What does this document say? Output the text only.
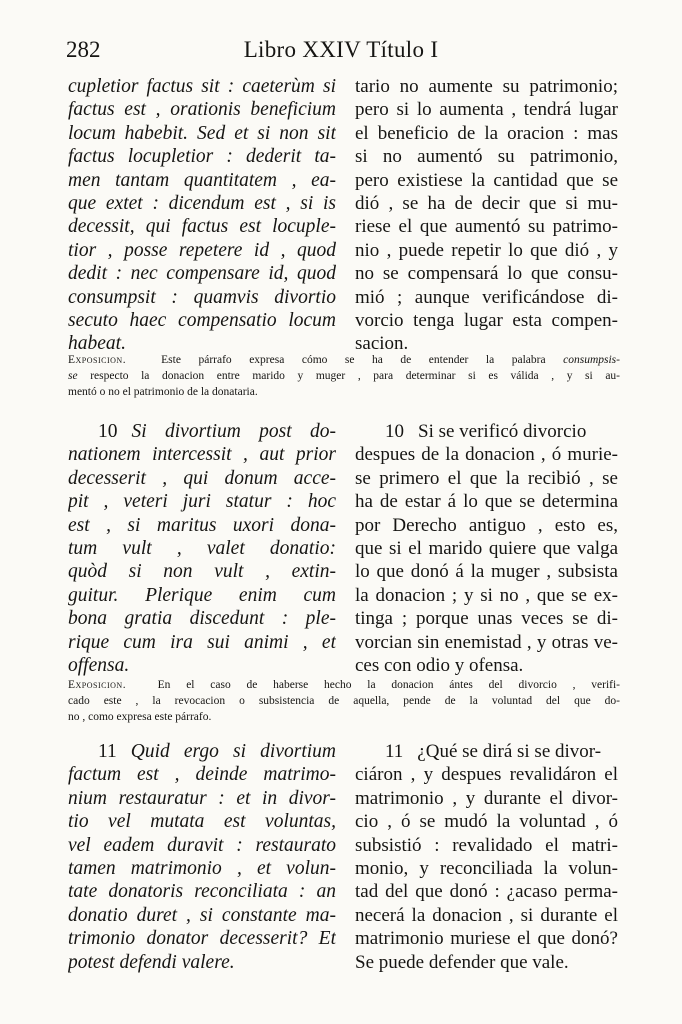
282	Libro XXIV Título I
cupletior factus sit : caeterùm si
factus est , orationis beneficium
locum habebit. Sed et si non sit
factus locupletior : dederit ta-
men tantam quantitatem , ea-
que extet : dicendum est , si is
decessit, qui factus est locuple-
tior , posse repetere id , quod
dedit : nec compensare id, quod
consumpsit : quamvis divortio
secuto haec compensatio locum
habeat.
tario no aumente su patrimonio;
pero si lo aumenta , tendrá lugar
el beneficio de la oracion : mas
si no aumentó su patrimonio,
pero existiese la cantidad que se
dió , se ha de decir que si mu-
riese el que aumentó su patrimo-
nio , puede repetir lo que dió , y
no se compensará lo que consu-
mió ; aunque verificándose di-
vorcio tenga lugar esta compen-
sacion.
Exposicion.	Este párrafo expresa cómo se ha de entender la palabra consumpsis-
se respecto la donacion entre marido y muger , para determinar si es válida , y si au-
mentó o no el patrimonio de la donataria.
10 Si divortium post do-
nationem intercessit , aut prior
decesserit , qui donum acce-
pit , veteri juri statur : hoc
est , si maritus uxori dona-
tum vult , valet donatio:
quòd si non vult , extin-
guitur. Plerique enim cum
bona gratia discedunt : ple-
rique cum ira sui animi , et
offensa.
10 Si se verificó divorcio
despues de la donacion , ó murie-
se primero el que la recibió , se
ha de estar á lo que se determina
por Derecho antiguo , esto es,
que si el marido quiere que valga
lo que donó á la muger , subsista
la donacion ; y si no , que se ex-
tinga ; porque unas veces se di-
vorcian sin enemistad , y otras ve-
ces con odio y ofensa.
Exposicion.	En el caso de haberse hecho la donacion ántes del divorcio , verifi-
cado este , la revocacion o subsistencia de aquella, pende de la voluntad del que do-
no , como expresa este párrafo.
11 Quid ergo si divortium
factum est , deinde matrimo-
nium restauratur : et in divor-
tio vel mutata est voluntas,
vel eadem duravit : restaurato
tamen matrimonio , et volun-
tate donatoris reconciliata : an
donatio duret , si constante ma-
trimonio donator decesserit? Et
potest defendi valere.
11 ¿Qué se dirá si se divor-
ciáron , y despues revalidáron el
matrimonio , y durante el divor-
cio , ó se mudó la voluntad , ó
subsistió : revalidado el matri-
monio, y reconciliada la volun-
tad del que donó : ¿acaso perma-
necerá la donacion , si durante el
matrimonio muriese el que donó?
Se puede defender que vale.
